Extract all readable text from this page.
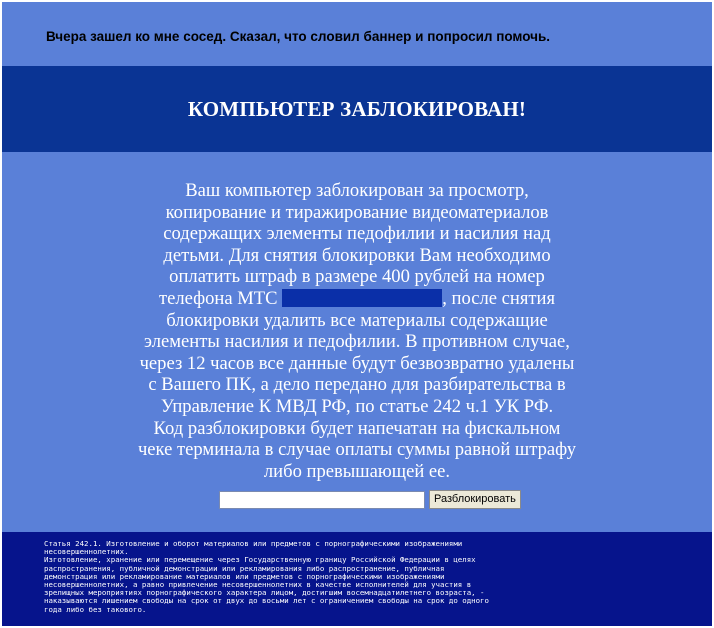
Вчера зашел ко мне сосед. Сказал, что словил баннер и попросил помочь.
КОМПЬЮТЕР ЗАБЛОКИРОВАН!
Ваш компьютер заблокирован за просмотр,
копирование и тиражирование видеоматериалов
содержащих элементы педофилии и насилия над
детьми. Для снятия блокировки Вам необходимо
оплатить штраф в размере 400 рублей на номер
телефона МТС	, после снятия
блокировки удалить все материалы содержащие
элементы насилия и педофилии. В противном случае,
через 12 часов все данные будут безвозвратно удалены
с Вашего ПК, а дело передано для разбирательства в
Управление К МВД РФ, по статье 242 ч.1 УК РФ.
Код разблокировки будет напечатан на фискальном
чеке терминала в случае оплаты суммы равной штрафу
либо превышающей ее.
Разблокировать
Статья 242.1. Изготовление и оборот материалов или предметов с порнографическими изображениями
несовершеннолетних.
Изготовление, хранение или перемещение через Государственную границу Российской Федерации в целях
распространения, публичной демонстрации или рекламирования либо распространение, публичная
демонстрация или рекламирование материалов или предметов с порнографическими изображениями
несовершеннолетних, а равно привлечение несовершеннолетних в качестве исполнителей для участия в
зрелищных мероприятиях порнографического характера лицом, достигшим восемнадцатилетнего возраста, -
наказываются лишением свободы на срок от двух до восьми лет с ограничением свободы на срок до одного
года либо без такового.
